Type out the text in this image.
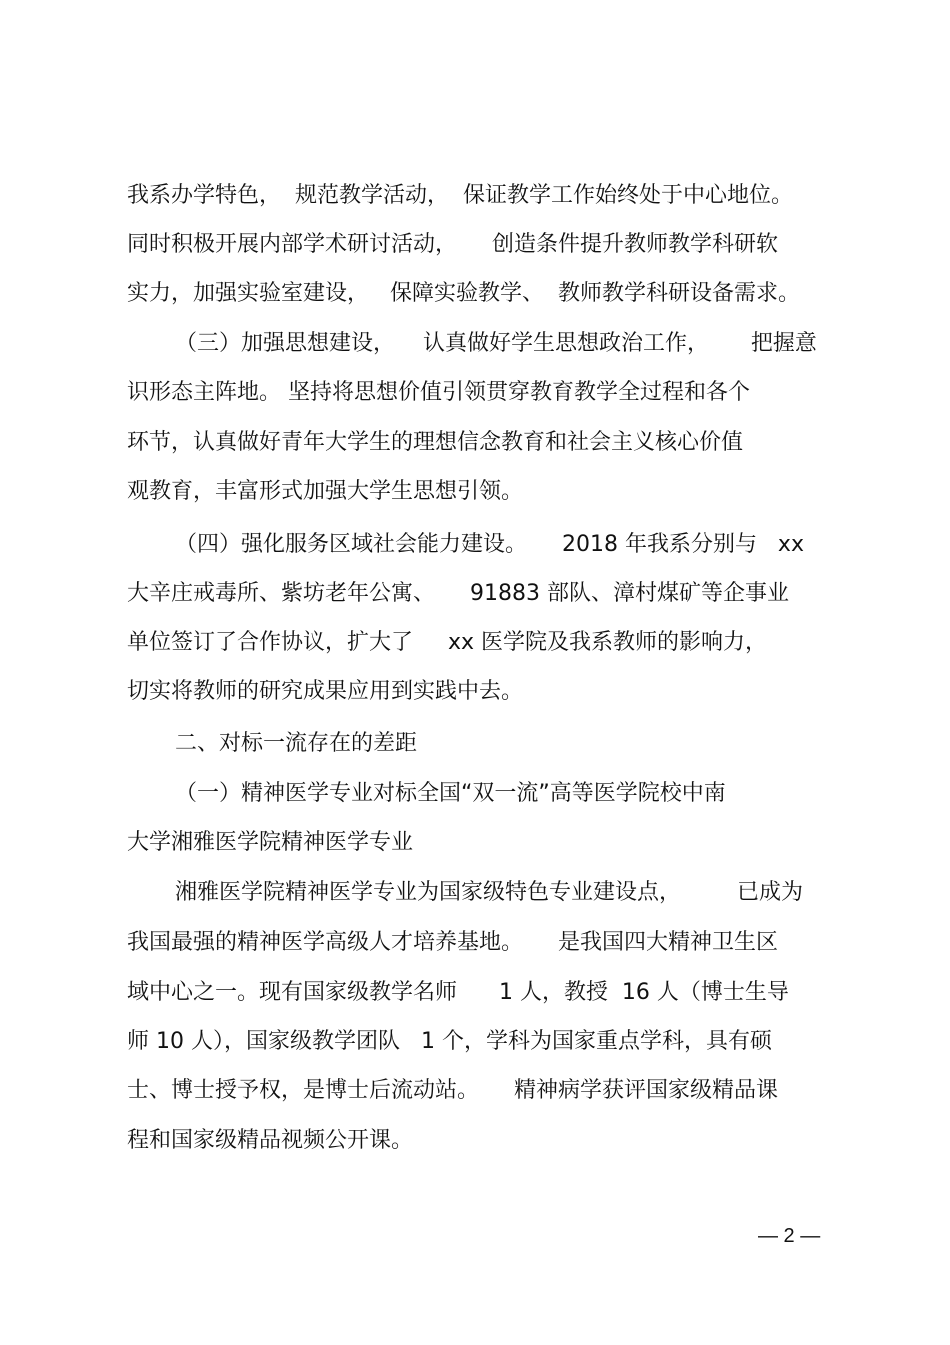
我系办学特色，  规范教学活动，  保证教学工作始终处于中心地位。
同时积极开展内部学术研讨活动，     创造条件提升教师教学科研软
实力，加强实验室建设，   保障实验教学、  教师教学科研设备需求。
（三）加强思想建设，    认真做好学生思想政治工作，      把握意
识形态主阵地。 坚持将思想价值引领贯穿教育教学全过程和各个
环节，认真做好青年大学生的理想信念教育和社会主义核心价值
观教育，丰富形式加强大学生思想引领。
（四）强化服务区域社会能力建设。     2018 年我系分别与   xx
大辛庄戒毒所、紫坊老年公寓、     91883 部队、漳村煤矿等企事业
单位签订了合作协议，扩大了     xx 医学院及我系教师的影响力，
切实将教师的研究成果应用到实践中去。
二、对标一流存在的差距
（一）精神医学专业对标全国“双一流”高等医学院校中南
大学湘雅医学院精神医学专业
湘雅医学院精神医学专业为国家级特色专业建设点，        已成为
我国最强的精神医学高级人才培养基地。     是我国四大精神卫生区
域中心之一。现有国家级教学名师      1 人，教授  16 人（博士生导
师 10 人），国家级教学团队   1 个，学科为国家重点学科，具有硕
士、博士授予权，是博士后流动站。     精神病学获评国家级精品课
程和国家级精品视频公开课。
— 2 —
